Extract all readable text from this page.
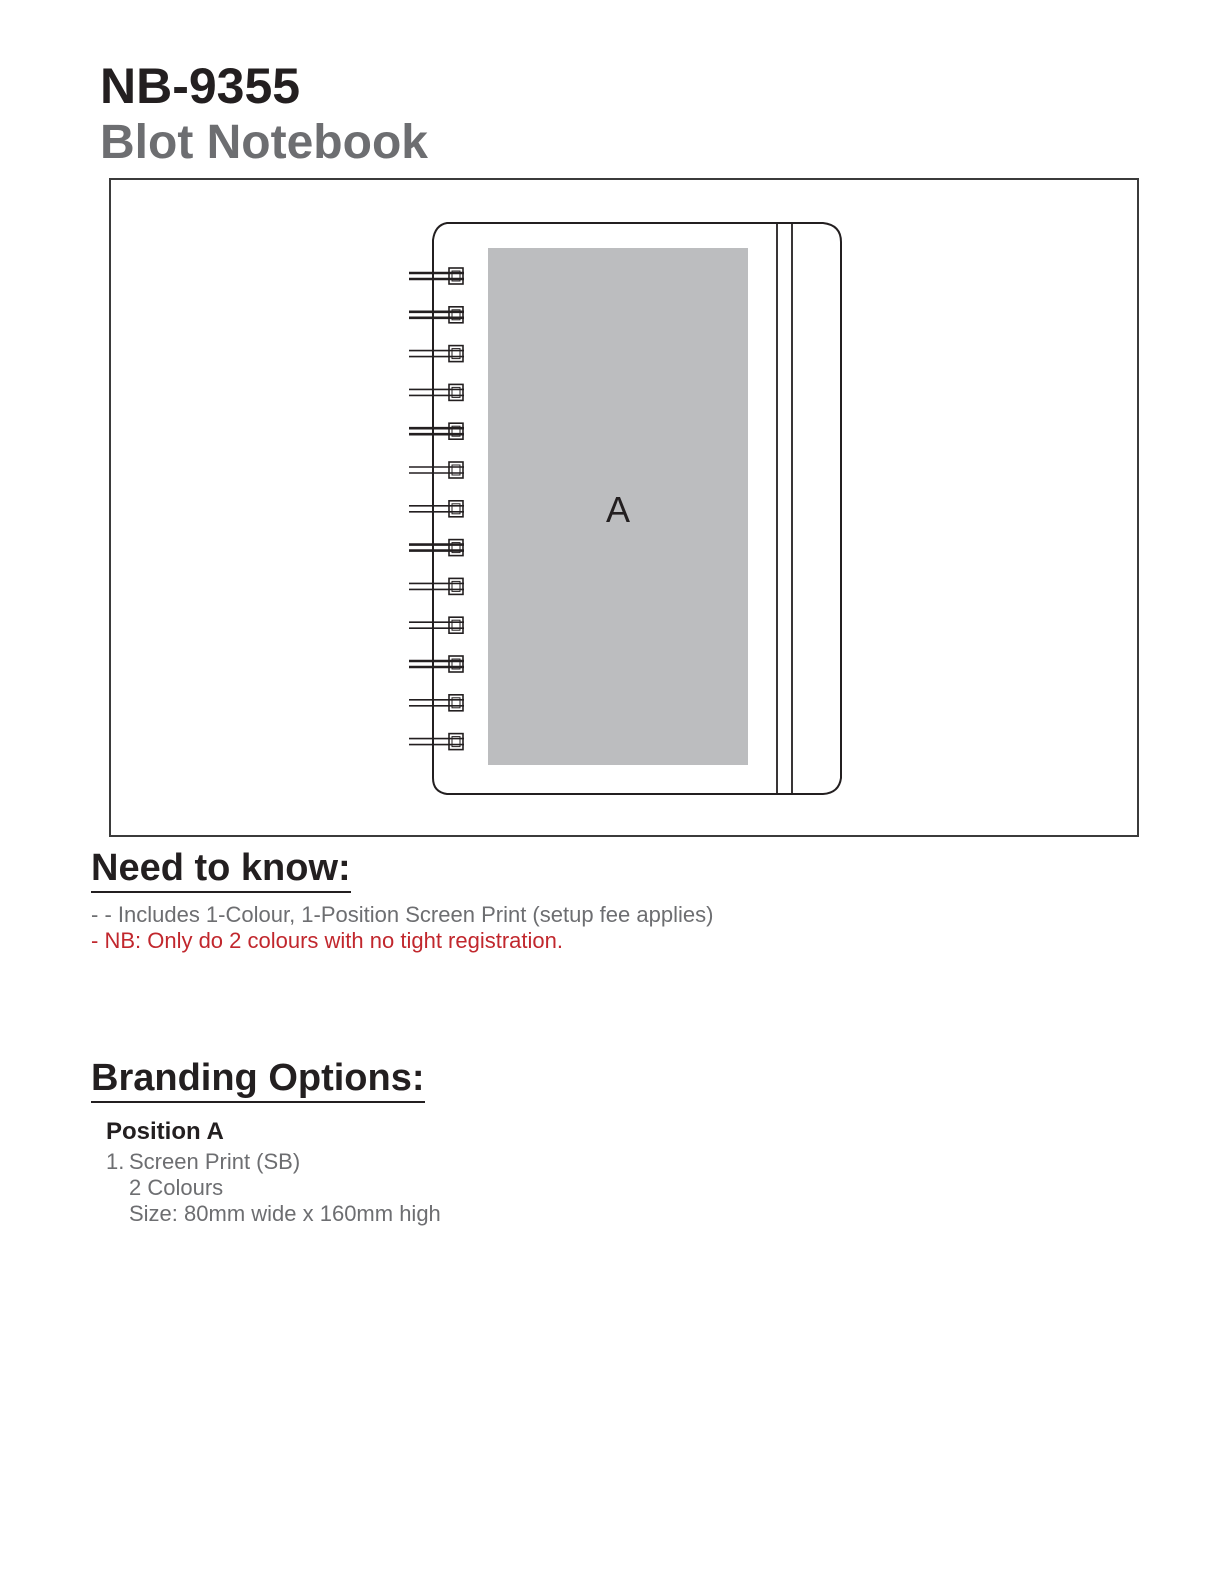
NB-9355
Blot Notebook
A
Need to know:

- - Includes 1-Colour, 1-Position Screen Print (setup fee applies)

- NB: Only do 2 colours with no tight registration.

Branding Options:
Position A
1. Screen Print (SB)
2 Colours
Size: 80mm wide x 160mm high
